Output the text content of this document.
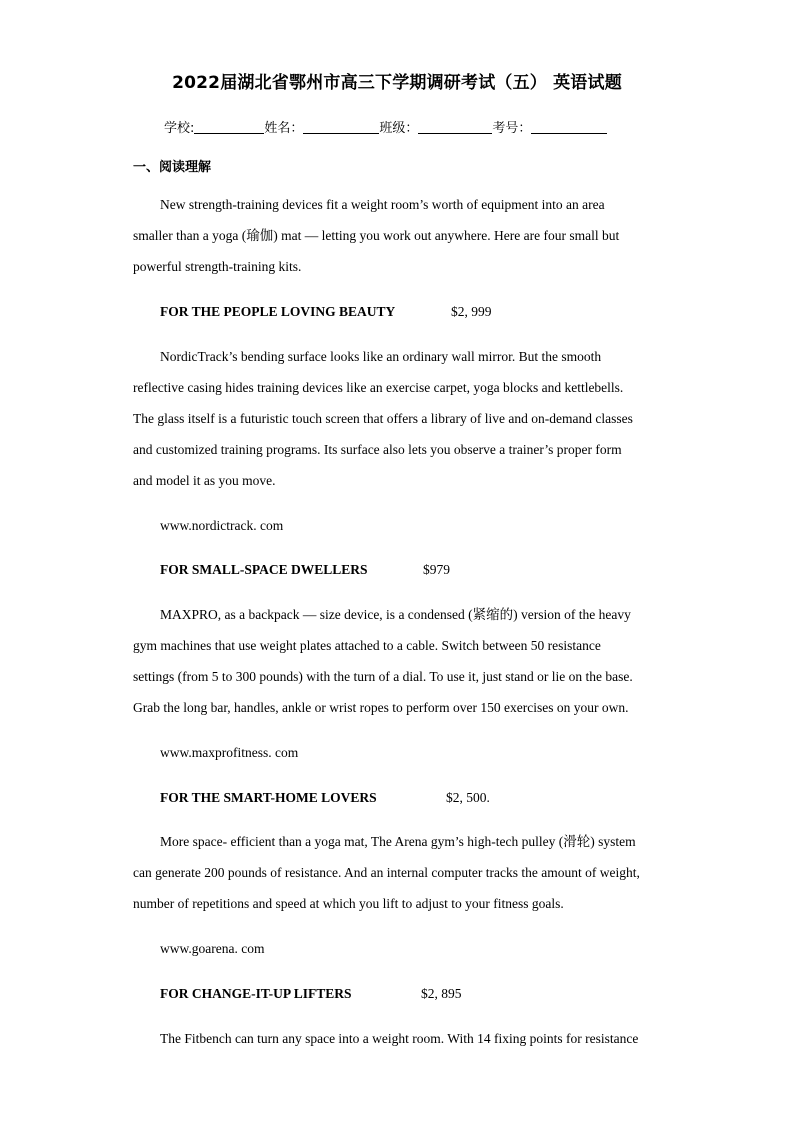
2022届湖北省鄂州市高三下学期调研考试（五） 英语试题
学校:	姓名：	班级：	考号：
一、阅读理解
New strength-training devices fit a weight room’s worth of equipment into an area
smaller than a yoga (瑜伽) mat — letting you work out anywhere. Here are four small but
powerful strength-training kits.
FOR THE PEOPLE LOVING BEAUTY	$2, 999
NordicTrack’s bending surface looks like an ordinary wall mirror. But the smooth
reflective casing hides training devices like an exercise carpet, yoga blocks and kettlebells.
The glass itself is a futuristic touch screen that offers a library of live and on-demand classes
and customized training programs. Its surface also lets you observe a trainer’s proper form
and model it as you move.
www.nordictrack. com
FOR SMALL-SPACE DWELLERS	$979
MAXPRO, as a backpack — size device, is a condensed (紧缩的) version of the heavy
gym machines that use weight plates attached to a cable. Switch between 50 resistance
settings (from 5 to 300 pounds) with the turn of a dial. To use it, just stand or lie on the base.
Grab the long bar, handles, ankle or wrist ropes to perform over 150 exercises on your own.
www.maxprofitness. com
FOR THE SMART-HOME LOVERS	$2, 500.
More space- efficient than a yoga mat, The Arena gym’s high-tech pulley (滑轮) system
can generate 200 pounds of resistance. And an internal computer tracks the amount of weight,
number of repetitions and speed at which you lift to adjust to your fitness goals.
www.goarena. com
FOR CHANGE-IT-UP LIFTERS	$2, 895
The Fitbench can turn any space into a weight room. With 14 fixing points for resistance
